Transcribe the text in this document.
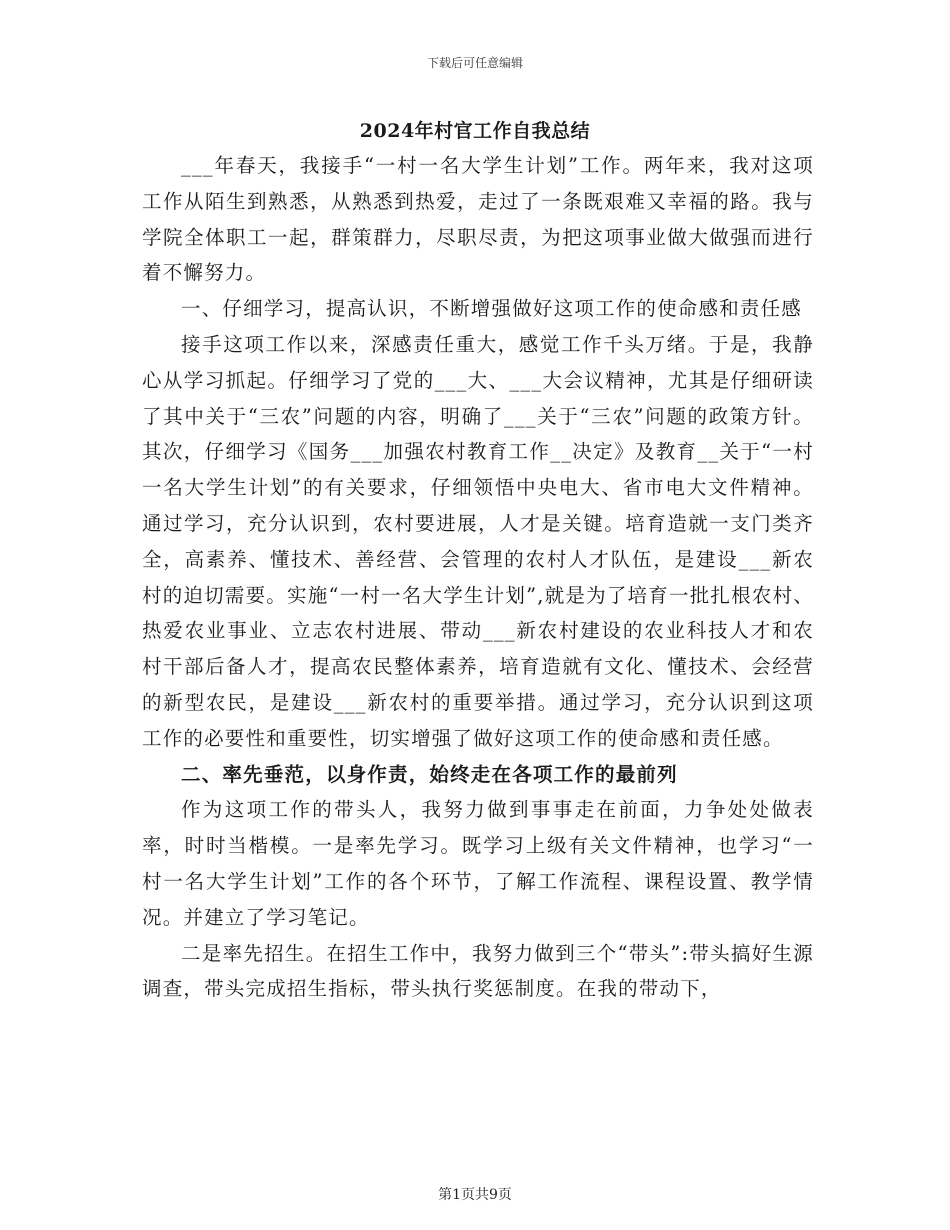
下载后可任意编辑
2024年村官工作自我总结

___年春天，我接手“一村一名大学生计划”工作。两年来，我对这项工作从陌生到熟悉，从熟悉到热爱，走过了一条既艰难又幸福的路。我与学院全体职工一起，群策群力，尽职尽责，为把这项事业做大做强而进行着不懈努力。

一、仔细学习，提高认识，不断增强做好这项工作的使命感和责任感

接手这项工作以来，深感责任重大，感觉工作千头万绪。于是，我静心从学习抓起。仔细学习了党的___大、___大会议精神，尤其是仔细研读了其中关于“三农”问题的内容，明确了___关于“三农”问题的政策方针。其次，仔细学习《国务___加强农村教育工作__决定》及教育__关于“一村一名大学生计划”的有关要求，仔细领悟中央电大、省市电大文件精神。通过学习，充分认识到，农村要进展，人才是关键。培育造就一支门类齐全，高素养、懂技术、善经营、会管理的农村人才队伍，是建设___新农村的迫切需要。实施“一村一名大学生计划”,就是为了培育一批扎根农村、热爱农业事业、立志农村进展、带动___新农村建设的农业科技人才和农村干部后备人才，提高农民整体素养，培育造就有文化、懂技术、会经营的新型农民，是建设___新农村的重要举措。通过学习，充分认识到这项工作的必要性和重要性，切实增强了做好这项工作的使命感和责任感。

二、率先垂范，以身作责，始终走在各项工作的最前列

作为这项工作的带头人，我努力做到事事走在前面，力争处处做表率，时时当楷模。一是率先学习。既学习上级有关文件精神，也学习“一村一名大学生计划”工作的各个环节，了解工作流程、课程设置、教学情况。并建立了学习笔记。

二是率先招生。在招生工作中，我努力做到三个“带头”:带头搞好生源调查，带头完成招生指标，带头执行奖惩制度。在我的带动下，

第1页共9页
